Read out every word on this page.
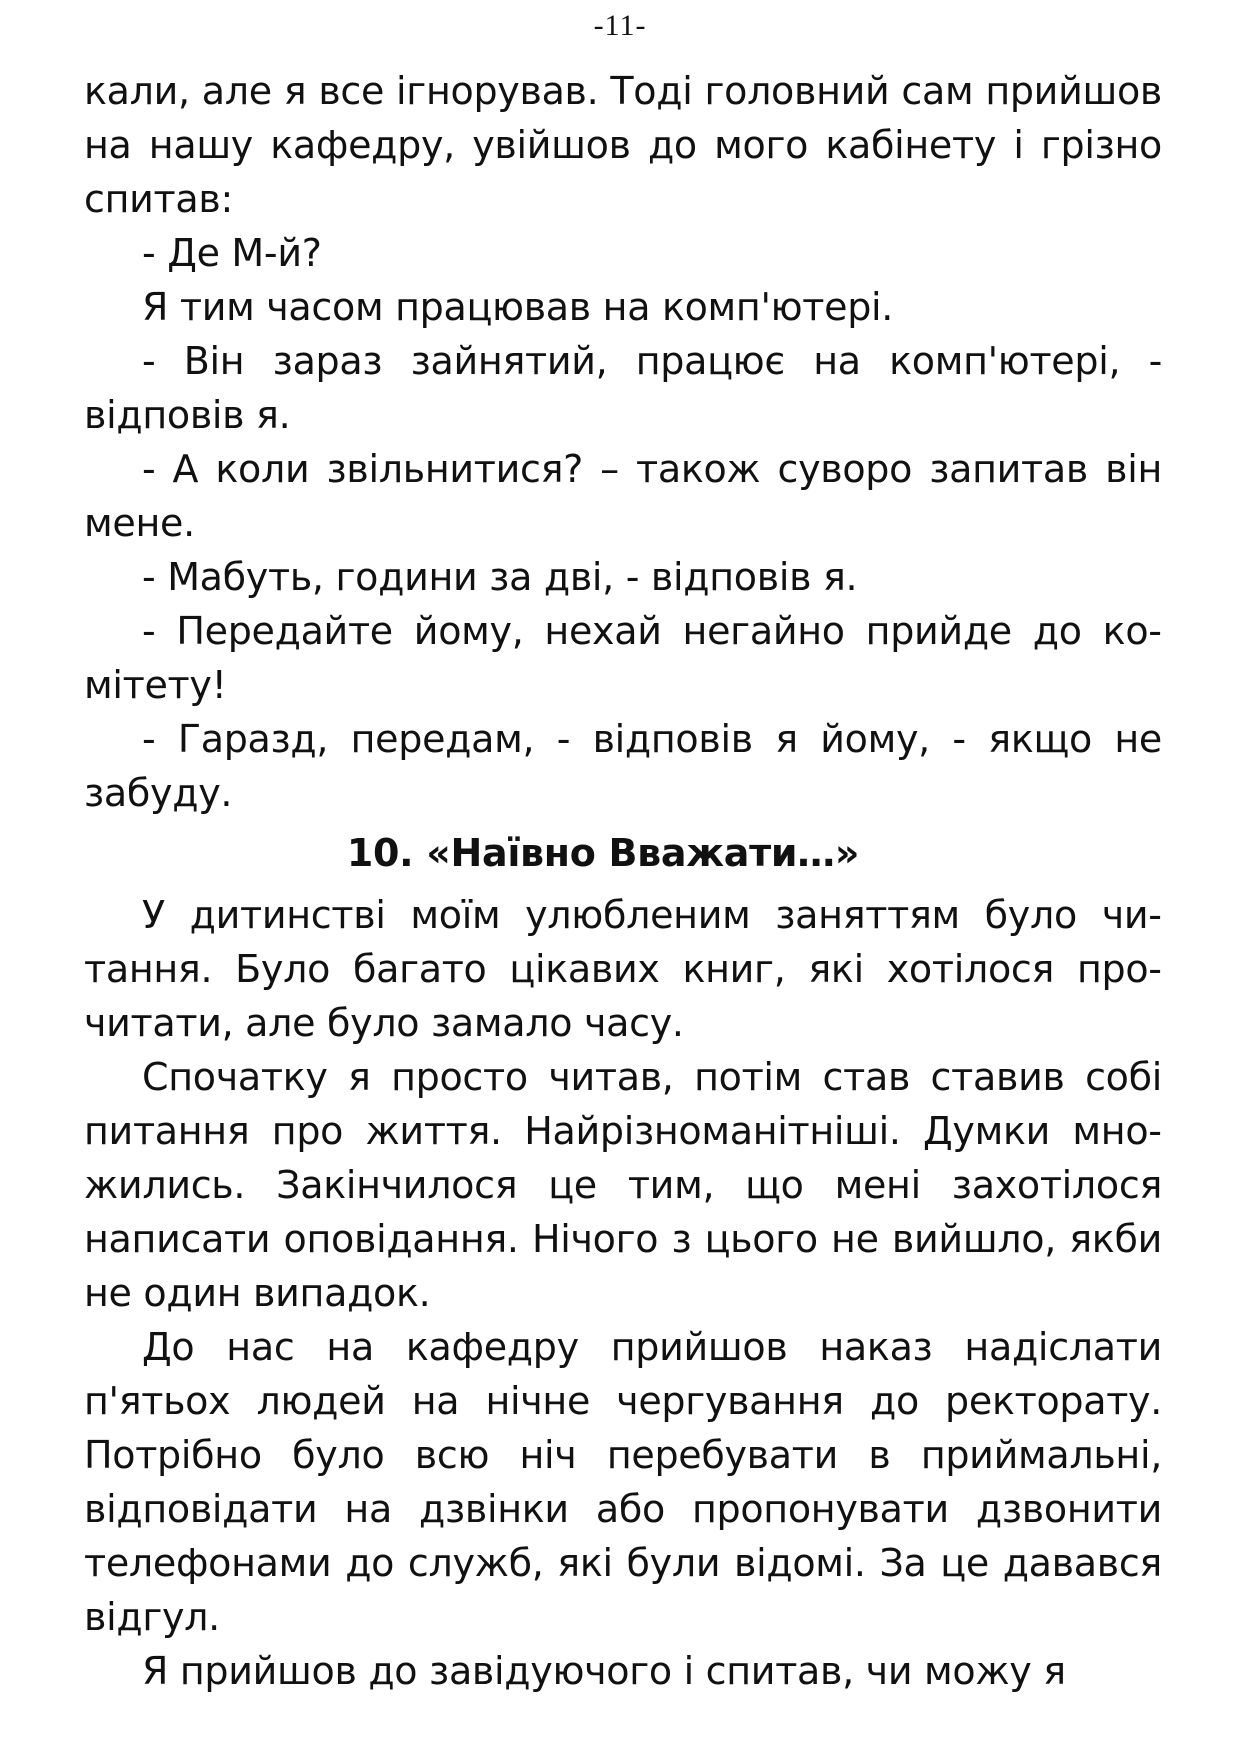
-11-

кали, але я все ігнорував. Тоді головний сам прийшов на нашу кафедру, увійшов до мого кабінету і грізно спитав:

- Де М-й?

Я тим часом працював на комп'ютері.

- Він зараз зайнятий, працює на комп'ютері, - відповів я.

- А коли звільнитися? – також суворо запитав він мене.

- Мабуть, години за дві, - відповів я.

- Передайте йому, нехай негайно прийде до комітету!

- Гаразд, передам, - відповів я йому, - якщо не забуду.

10. «Наївно Вважати…»

У дитинстві моїм улюбленим заняттям було читання. Було багато цікавих книг, які хотілося прочитати, але було замало часу.

Спочатку я просто читав, потім став ставив собі питання про життя. Найрізноманітніші. Думки множились. Закінчилося це тим, що мені захотілося написати оповідання. Нічого з цього не вийшло, якби не один випадок.

До нас на кафедру прийшов наказ надіслати п'ятьох людей на нічне чергування до ректорату. Потрібно було всю ніч перебувати в приймальні, відповідати на дзвінки або пропонувати дзвонити телефонами до служб, які були відомі. За це давався відгул.

Я прийшов до завідуючого і спитав, чи можу я
